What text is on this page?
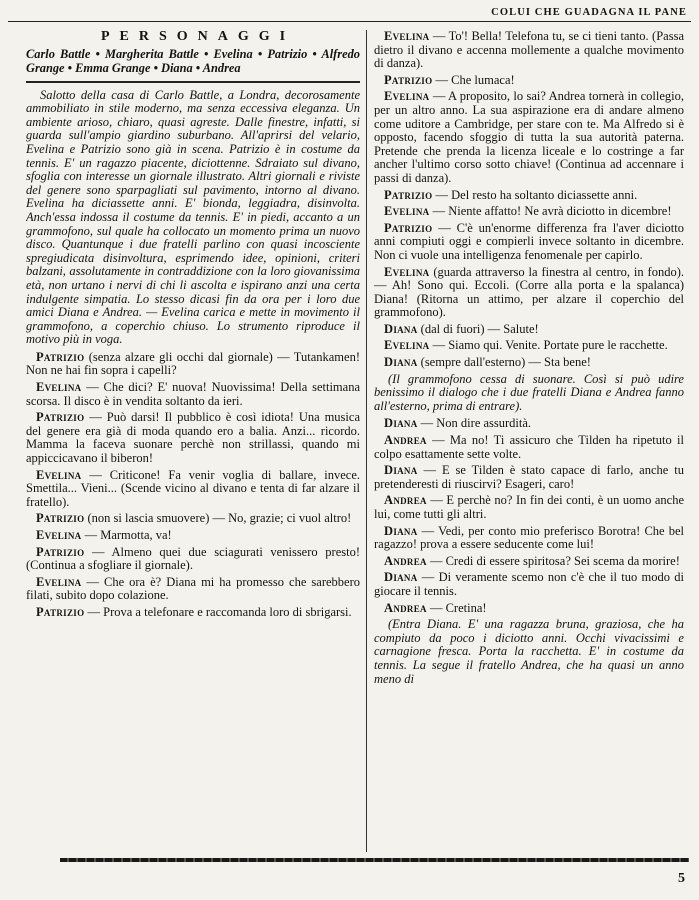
COLUI CHE GUADAGNA IL PANE
PERSONAGGI
Carlo Battle • Margherita Battle • Evelina • Patrizio • Alfredo Grange • Emma Grange • Diana • Andrea

Salotto della casa di Carlo Battle, a Londra, decorosamente ammobiliato in stile moderno, ma senza eccessiva eleganza. Un ambiente arioso, chiaro, quasi agreste. Dalle finestre, infatti, si guarda sull'ampio giardino suburbano. All'aprirsi del velario, Evelina e Patrizio sono già in scena. Patrizio è in costume da tennis. E' un ragazzo piacente, diciottenne. Sdraiato sul divano, sfoglia con interesse un giornale illustrato. Altri giornali e riviste del genere sono sparpagliati sul pavimento, intorno al divano. Evelina ha diciassette anni. E' bionda, leggiadra, disinvolta. Anch'essa indossa il costume da tennis. E' in piedi, accanto a un grammofono, sul quale ha collocato un momento prima un nuovo disco. Quantunque i due fratelli parlino con quasi incosciente spregiudicata disinvoltura, esprimendo idee, opinioni, criteri balzani, assolutamente in contraddizione con la loro giovanissima età, non urtano i nervi di chi li ascolta e ispirano anzi una certa indulgente simpatia. Lo stesso dicasi fin da ora per i loro due amici Diana e Andrea. — Evelina carica e mette in movimento il grammofono, a coperchio chiuso. Lo strumento riproduce il motivo più in voga.

Patrizio (senza alzare gli occhi dal giornale) — Tutankamen! Non ne hai fin sopra i capelli?

Evelina — Che dici? E' nuova! Nuovissima! Della settimana scorsa. Il disco è in vendita soltanto da ieri.

Patrizio — Può darsi! Il pubblico è così idiota! Una musica del genere era già di moda quando ero a balia. Anzi... ricordo. Mamma la faceva suonare perchè non strillassi, quando mi appiccicavano il biberon!

Evelina — Criticone! Fa venir voglia di ballare, invece. Smettila... Vieni... (Scende vicino al divano e tenta di far alzare il fratello).

Patrizio (non si lascia smuovere) — No, grazie; ci vuol altro!

Evelina — Marmotta, va!

Patrizio — Almeno quei due sciagurati venissero presto! (Continua a sfogliare il giornale).

Evelina — Che ora è? Diana mi ha promesso che sarebbero filati, subito dopo colazione.

Patrizio — Prova a telefonare e raccomanda loro di sbrigarsi.

Evelina — To'! Bella! Telefona tu, se ci tieni tanto. (Passa dietro il divano e accenna mollemente a qualche movimento di danza).

Patrizio — Che lumaca!

Evelina — A proposito, lo sai? Andrea tornerà in collegio, per un altro anno. La sua aspirazione era di andare almeno come uditore a Cambridge, per stare con te. Ma Alfredo si è opposto, facendo sfoggio di tutta la sua autorità paterna. Pretende che prenda la licenza liceale e lo costringe a far ancher l'ultimo corso sotto chiave! (Continua ad accennare i passi di danza).

Patrizio — Del resto ha soltanto diciassette anni.

Evelina — Niente affatto! Ne avrà diciotto in dicembre!

Patrizio — C'è un'enorme differenza fra l'aver diciotto anni compiuti oggi e compierli invece soltanto in dicembre. Non ci vuole una intelligenza fenomenale per capirlo.

Evelina (guarda attraverso la finestra al centro, in fondo). — Ah! Sono qui. Eccoli. (Corre alla porta e la spalanca) Diana! (Ritorna un attimo, per alzare il coperchio del grammofono).

Diana (dal di fuori) — Salute!

Evelina — Siamo qui. Venite. Portate pure le racchette.

Diana (sempre dall'esterno) — Sta bene!

(Il grammofono cessa di suonare. Così si può udire benissimo il dialogo che i due fratelli Diana e Andrea fanno all'esterno, prima di entrare).

Diana — Non dire assurdità.

Andrea — Ma no! Ti assicuro che Tilden ha ripetuto il colpo esattamente sette volte.

Diana — E se Tilden è stato capace di farlo, anche tu pretenderesti di riuscirvi? Esageri, caro!

Andrea — E perchè no? In fin dei conti, è un uomo anche lui, come tutti gli altri.

Diana — Vedi, per conto mio preferisco Borotra! Che bel ragazzo! prova a essere seducente come lui!

Andrea — Credi di essere spiritosa? Sei scema da morire!

Diana — Di veramente scemo non c'è che il tuo modo di giocare il tennis.

Andrea — Cretina!

(Entra Diana. E' una ragazza bruna, graziosa, che ha compiuto da poco i diciotto anni. Occhi vivacissimi e carnagione fresca. Porta la racchetta. E' in costume da tennis. La segue il fratello Andrea, che ha quasi un anno meno di

5
